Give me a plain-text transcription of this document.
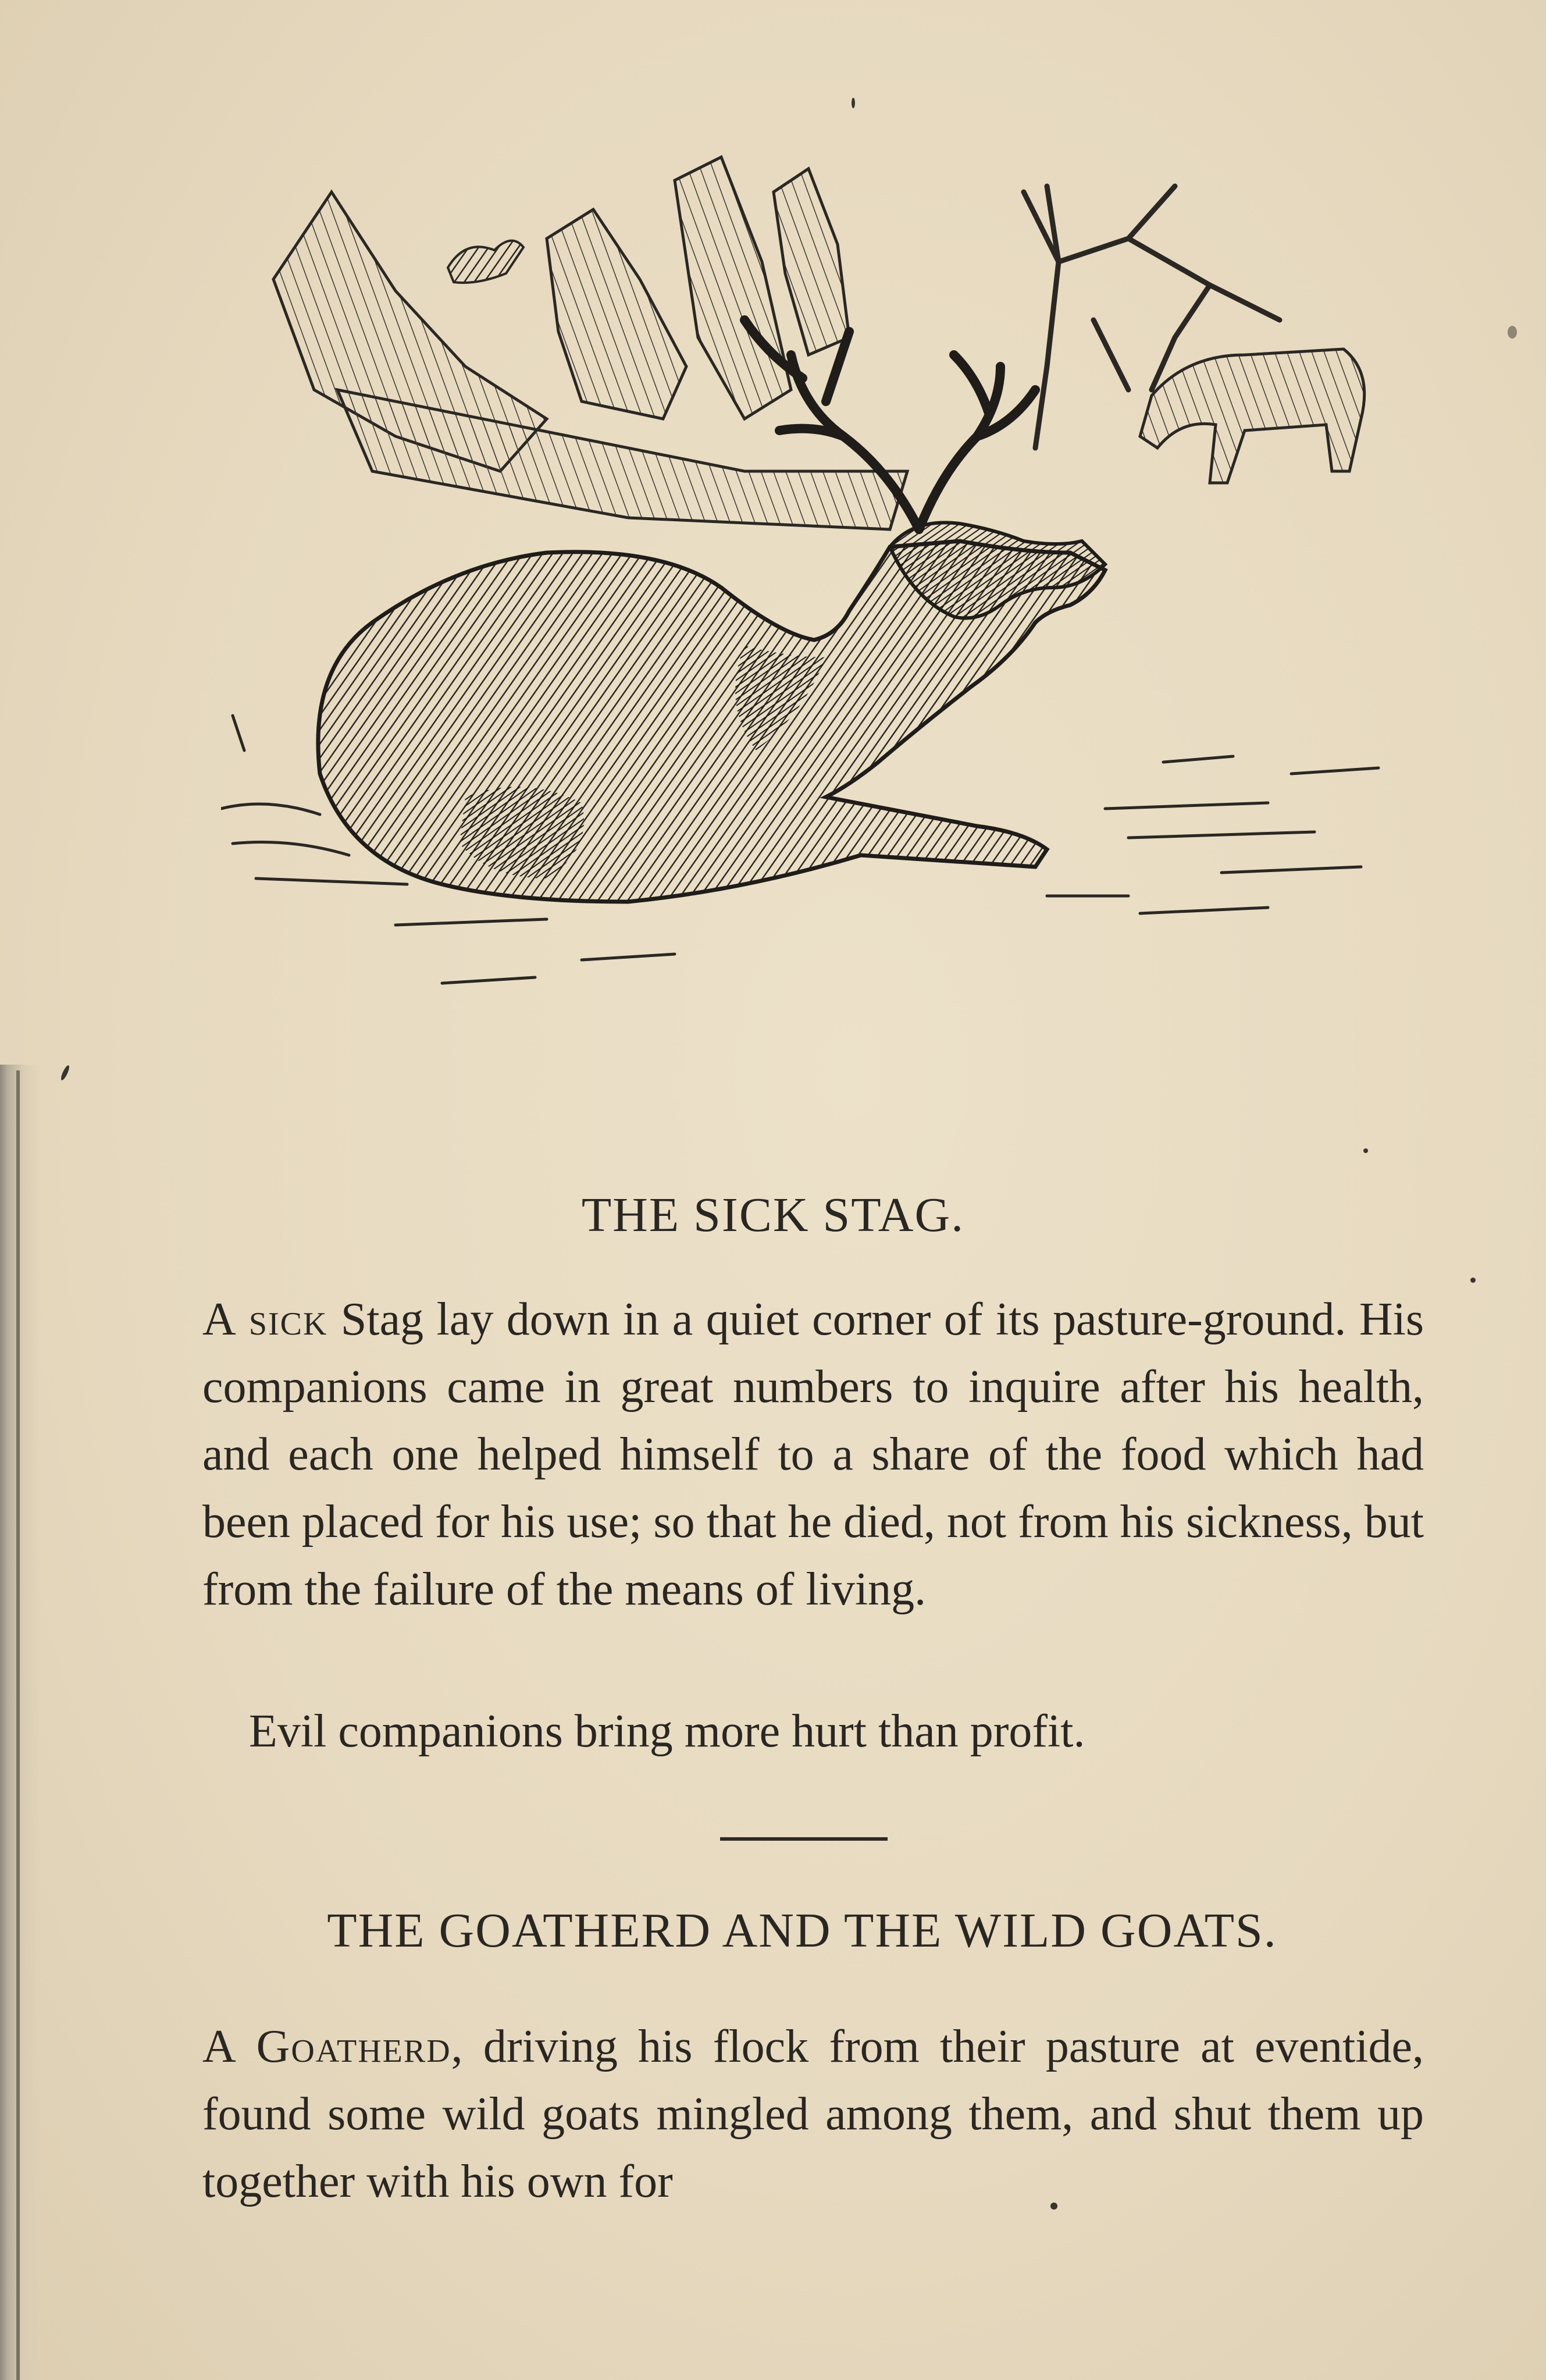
THE SICK STAG.

A sick Stag lay down in a quiet corner of its pasture-ground. His companions came in great numbers to inquire after his health, and each one helped himself to a share of the food which had been placed for his use; so that he died, not from his sickness, but from the failure of the means of living.

Evil companions bring more hurt than profit.

THE GOATHERD AND THE WILD GOATS.

A Goatherd, driving his flock from their pasture at eventide, found some wild goats mingled among them, and shut them up together with his own for
